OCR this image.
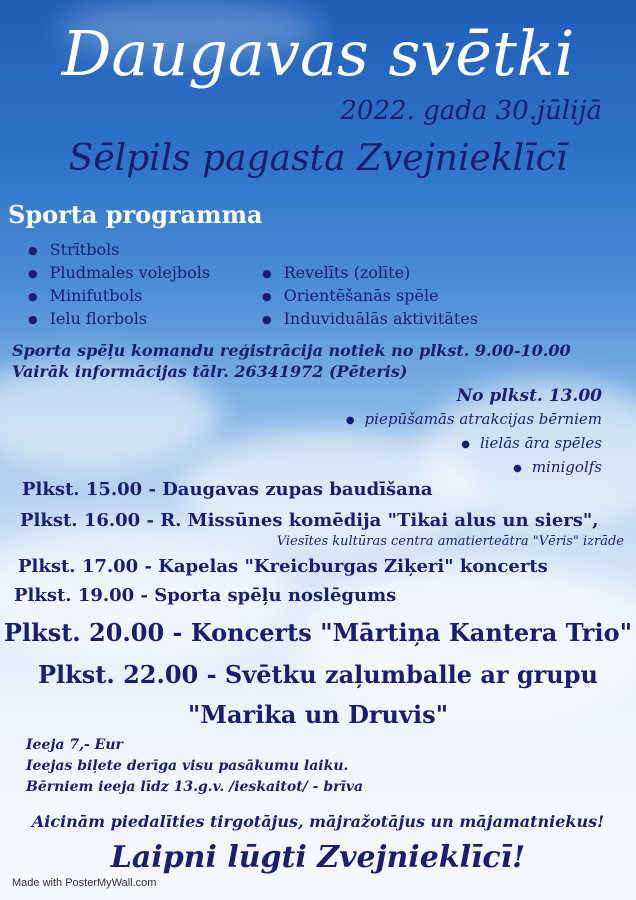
Daugavas svētki
2022. gada 30.jūlijā
Sēlpils pagasta Zvejnieklīcī
Sporta programma
● Strītbols
● Pludmales volejbols
● Minifutbols
● Ielu florbols
● Revelīts (zolīte)
● Orientēšanās spēle
● Induviduālās aktivitātes
Sporta spēļu komandu reģistrācija notiek no plkst. 9.00-10.00
Vairāk informācijas tālr. 26341972 (Pēteris)
No plkst. 13.00
● piepūšamās atrakcijas bērniem
● lielās āra spēles
● minigolfs
Plkst. 15.00 - Daugavas zupas baudīšana
Plkst. 16.00 - R. Missūnes komēdija "Tikai alus un siers",
Viesītes kultūras centra amatierteātra "Vēris" izrāde
Plkst. 17.00 - Kapelas "Kreicburgas Ziķeri" koncerts
Plkst. 19.00 - Sporta spēļu noslēgums
Plkst. 20.00 - Koncerts "Mārtiņa Kantera Trio"
Plkst. 22.00 - Svētku zaļumballe ar grupu
"Marika un Druvis"
Ieeja 7,- Eur
Ieejas biļete derīga visu pasākumu laiku.
Bērniem ieeja līdz 13.g.v. /ieskaitot/ - brīva
Aicinām piedalīties tirgotājus, mājražotājus un mājamatniekus!
Laipni lūgti Zvejnieklīcī!
Made with PosterMyWall.com
